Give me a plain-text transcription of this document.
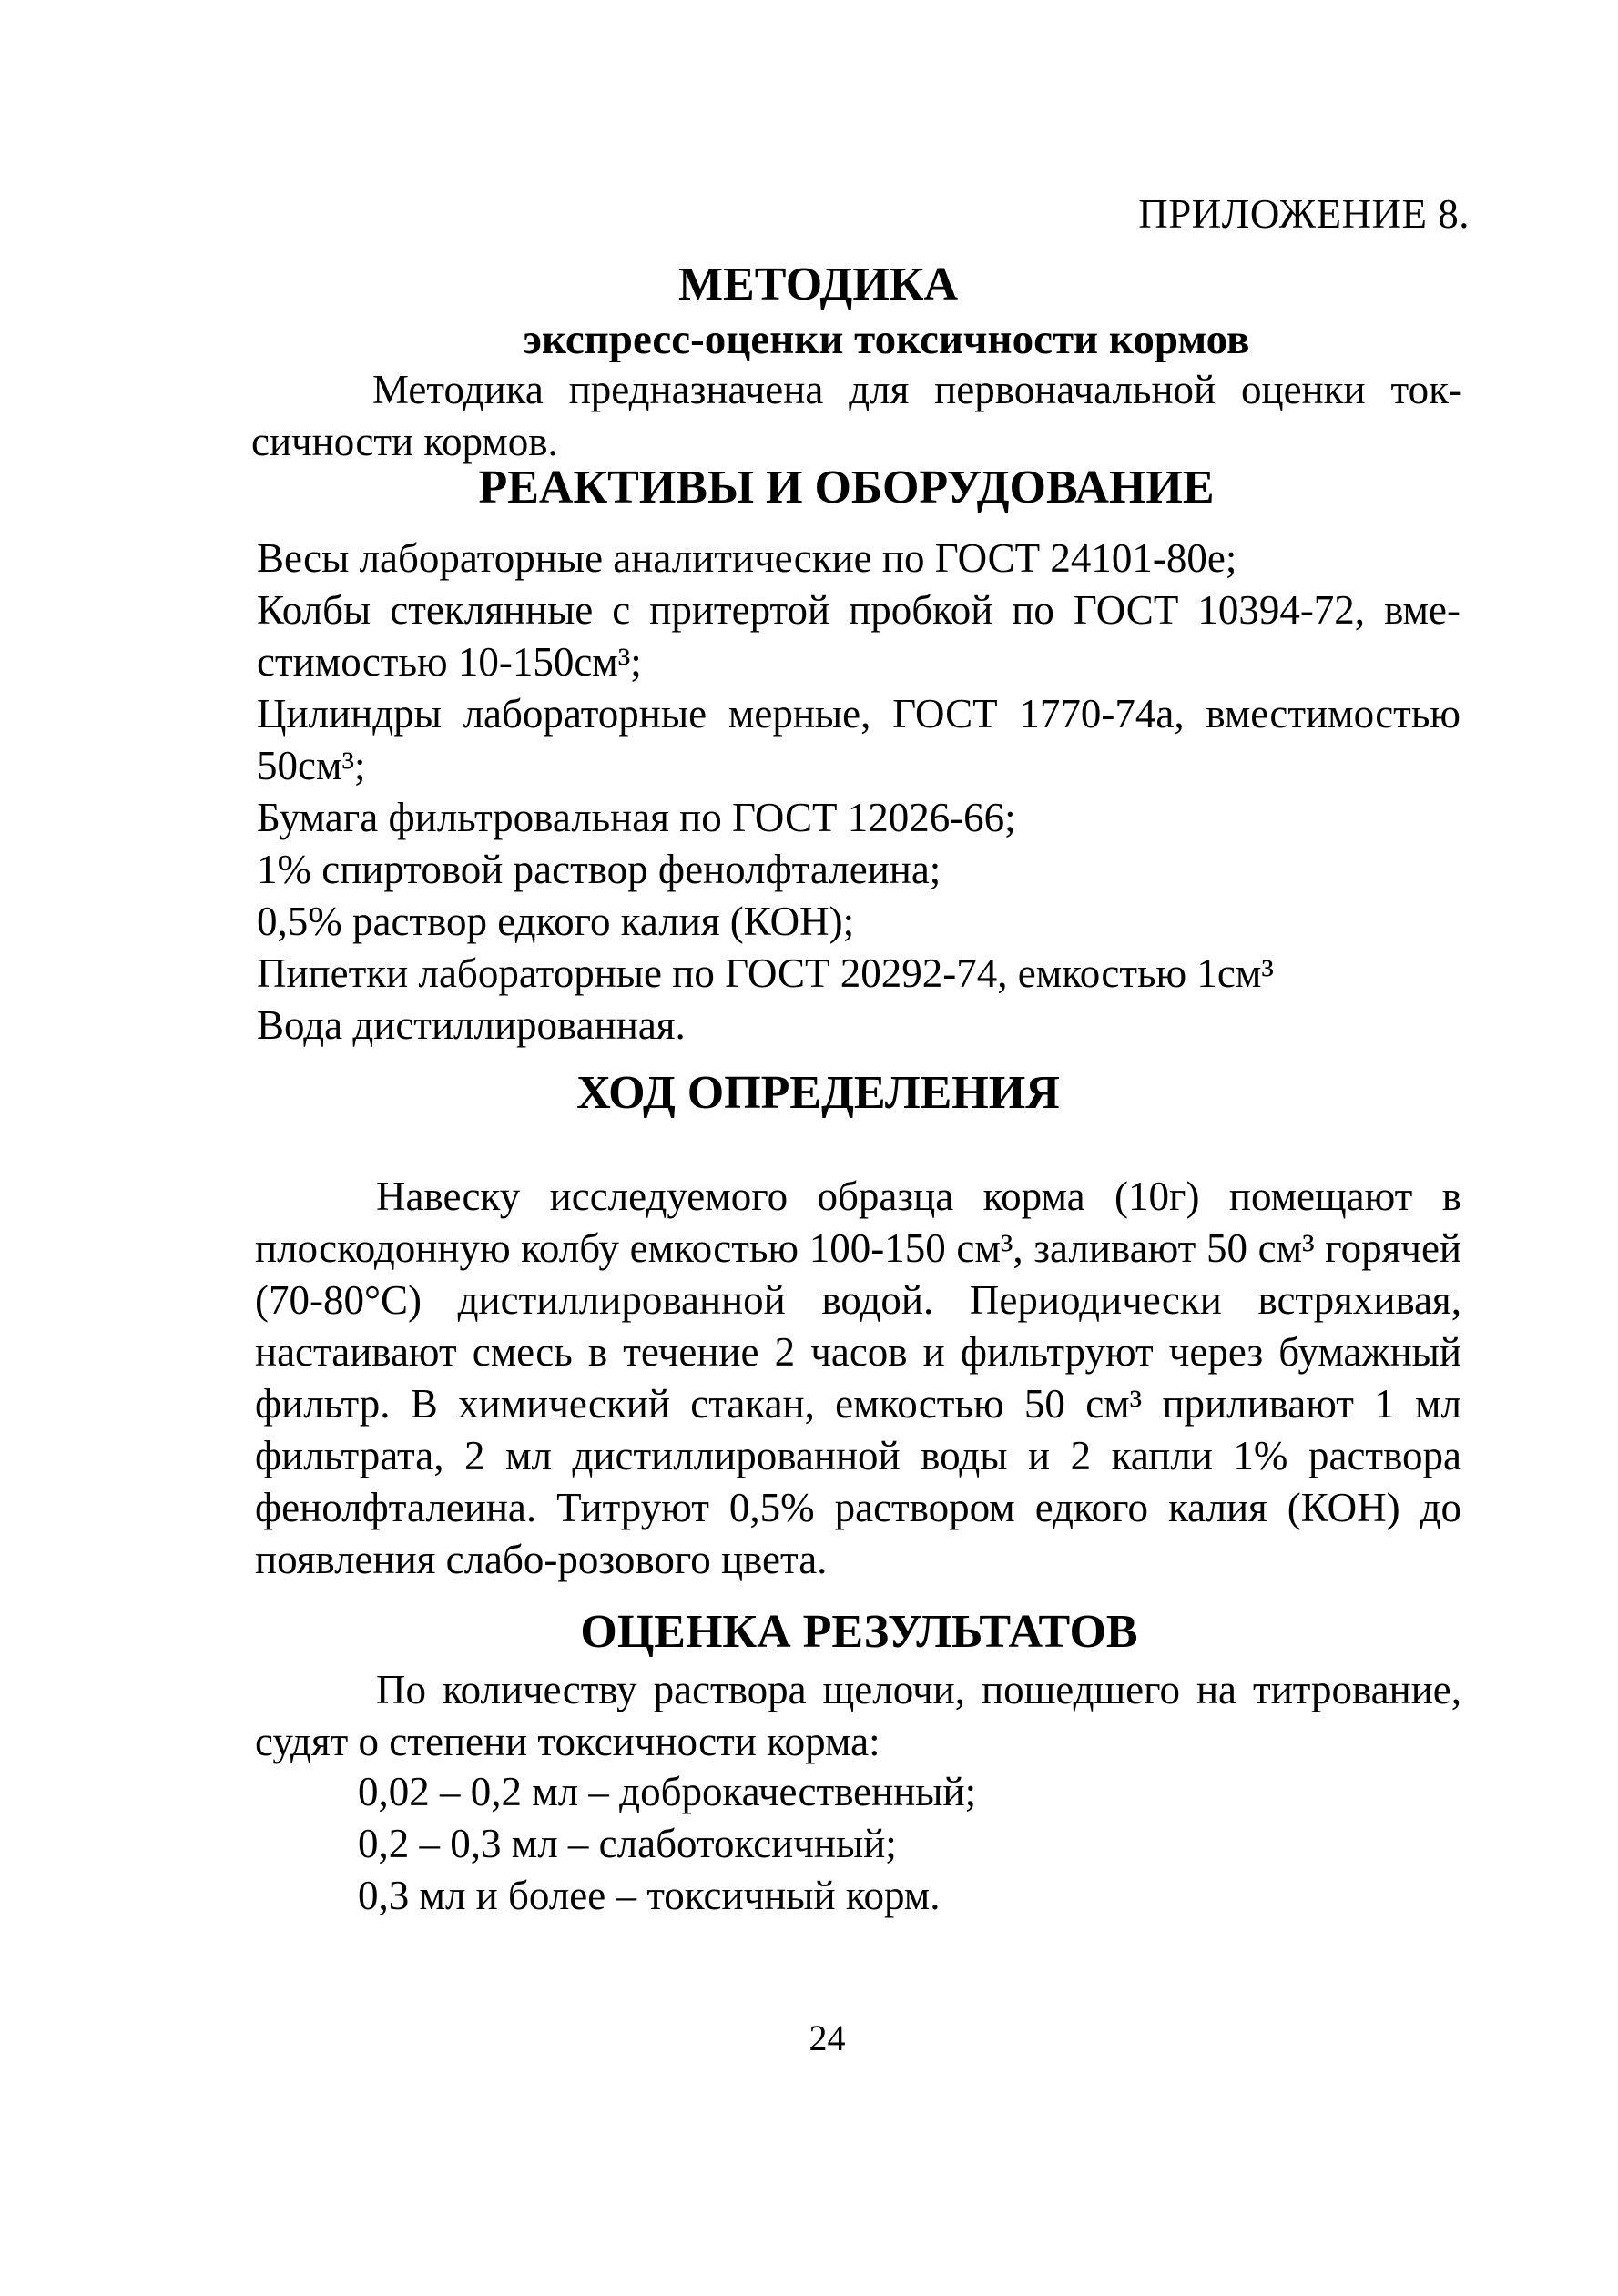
ПРИЛОЖЕНИЕ 8.
МЕТОДИКА
экспресс-оценки токсичности кормов

Методика предназначена для первоначальной оценки токсичности кормов.

РЕАКТИВЫ И ОБОРУДОВАНИЕ

Весы лабораторные аналитические по ГОСТ 24101-80е;

Колбы стеклянные с притертой пробкой по ГОСТ 10394-72, вместимостью 10-150см³;

Цилиндры лабораторные мерные, ГОСТ 1770-74а, вместимостью 50см³;

Бумага фильтровальная по ГОСТ 12026-66;

1% спиртовой раствор фенолфталеина;

0,5% раствор едкого калия (КОН);

Пипетки лабораторные по ГОСТ 20292-74, емкостью 1см³

Вода дистиллированная.

ХОД ОПРЕДЕЛЕНИЯ

Навеску исследуемого образца корма (10г) помещают в плоскодонную колбу емкостью 100-150 см³, заливают 50 см³ горячей (70-80°С) дистиллированной водой. Периодически встряхивая, настаивают смесь в течение 2 часов и фильтруют через бумажный фильтр. В химический стакан, емкостью 50 см³ приливают 1 мл фильтрата, 2 мл дистиллированной воды и 2 капли 1% раствора фенолфталеина. Титруют 0,5% раствором едкого калия (КОН) до появления слабо-розового цвета.

ОЦЕНКА РЕЗУЛЬТАТОВ

По количеству раствора щелочи, пошедшего на титрование, судят о степени токсичности корма:

0,02 – 0,2 мл – доброкачественный;
0,2 – 0,3 мл – слаботоксичный;
0,3 мл и более – токсичный корм.
24
